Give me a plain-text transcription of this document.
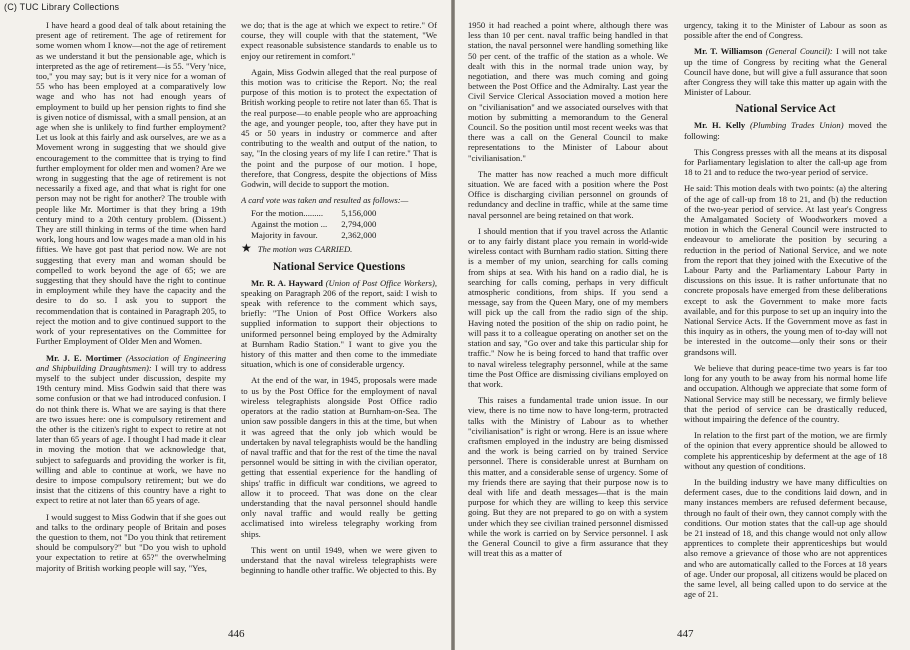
(C) TUC Library Collections

I have heard a good deal of talk about retaining the present age of retirement. The age of retirement for some women whom I know—not the age of retirement as we understand it but the pensionable age, which is interpreted as the age of retirement—is 55. "Very 'nice, too," you may say; but is it very nice for a woman of 55 who has been employed at a comparatively low wage and who has not had enough years of employment to build up her pension rights to find she is given notice of dismissal, with a small pension, at an age when she is unlikely to find further employment? Let us look at this fairly and ask ourselves, are we as a Movement wrong in suggesting that we should give encouragement to the committee that is trying to find further employment for older men and women? Are we wrong in suggesting that the age of retirement is not necessarily a fixed age, and that what is right for one person may not be right for another? The trouble with people like Mr. Mortimer is that they bring a 19th century mind to a 20th century problem. (Dissent.) They are still thinking in terms of the time when hard work, long hours and low wages made a man old in his fifties. We have got past that period now. We are not suggesting that every man and woman should be compelled to work beyond the age of 65; we are suggesting that they should have the right to continue in employment while they have the capacity and the desire to do so. I ask you to support the recommendation that is contained in Paragraph 205, to reject the motion and to give continued support to the work of your representatives on the Committee for Further Employment of Older Men and Women.

Mr. J. E. Mortimer (Association of Engineering and Shipbuilding Draughtsmen): I will try to address myself to the subject under discussion, despite my 19th century mind. Miss Godwin said that there was some confusion or that we had introduced confusion. I do not think there is. What we are saying is that there are two issues here: one is compulsory retirement and the other is the citizen's right to expect to retire at not later than 65 years of age. I thought I had made it clear in moving the motion that we acknowledge that, subject to safeguards and providing the worker is fit, willing and able to continue at work, we have no desire to impose compulsory retirement; but we do insist that the citizens of this country have a right to expect to retire at not later than 65 years of age.

I would suggest to Miss Godwin that if she goes out and talks to the ordinary people of Britain and poses the question to them, not "Do you think that retirement should be compulsory?" but "Do you wish to uphold your expectation to retire at 65?" the overwhelming majority of British working people will say, "Yes,

we do; that is the age at which we expect to retire." Of course, they will couple with that the statement, "We expect reasonable subsistence standards to enable us to enjoy our retirement in comfort."

Again, Miss Godwin alleged that the real purpose of this motion was to criticise the Report. No; the real purpose of this motion is to protect the expectation of British working people to retire not later than 65. That is the real purpose—to enable people who are approaching the age, and younger people, too, after they have put in 45 or 50 years in industry or commerce and after contributing to the wealth and output of the nation, to say, "In the closing years of my life I can retire." That is the point and the purpose of our motion. I hope, therefore, that Congress, despite the objections of Miss Godwin, will decide to support the motion.

A card vote was taken and resulted as follows:—
For the motion.........	5,156,000
Against the motion ...	2,794,000
Majority in favour.	2,362,000
★ The motion was CARRIED.
National Service Questions

Mr. R. A. Hayward (Union of Post Office Workers), speaking on Paragraph 206 of the report, said: I wish to speak with reference to the comment which says, briefly: "The Union of Post Office Workers also supplied information to support their objections to uniformed personnel being employed by the Admiralty at Burnham Radio Station." I want to give you the history of this matter and then come to the immediate situation, which is one of considerable urgency.

At the end of the war, in 1945, proposals were made to us by the Post Office for the employment of naval wireless telegraphists alongside Post Office radio operators at the radio station at Burnham-on-Sea. The union saw possible dangers in this at the time, but when it was agreed that the only job which would be undertaken by naval telegraphists would be the handling of naval traffic and that for the rest of the time the naval personnel would be sitting in with the civilian operator, getting that essential experience for the handling of ships' traffic in difficult war conditions, we agreed to allow it to proceed. That was done on the clear understanding that the naval personnel should handle only naval traffic and would really be getting acclimatised into wireless telegraphy working from ships.

This went on until 1949, when we were given to understand that the naval wireless telegraphists were beginning to handle other traffic. We objected to this. By

446

1950 it had reached a point where, although there was less than 10 per cent. naval traffic being handled in that station, the naval personnel were handling something like 50 per cent. of the traffic of the station as a whole. We dealt with this in the normal trade union way, by negotiation, and there was much coming and going between the Post Office and the Admiralty. Last year the Civil Service Clerical Association moved a motion here on "civilianisation" and we associated ourselves with that motion by submitting a memorandum to the General Council. So the position until most recent weeks was that there was a call on the General Council to make representations to the Minister of Labour about "civilianisation."

The matter has now reached a much more difficult situation. We are faced with a position where the Post Office is discharging civilian personnel on grounds of redundancy and decline in traffic, while at the same time naval personnel are being retained on that work.

I should mention that if you travel across the Atlantic or to any fairly distant place you remain in world-wide wireless contact with Burnham radio station. Sitting there is a member of my union, searching for calls coming from ships at sea. With his hand on a radio dial, he is searching for calls coming, perhaps in very difficult atmospheric conditions, from ships. If you send a message, say from the Queen Mary, one of my members will pick up the call from the radio sign of the ship. Having noted the position of the ship on radio point, he will pass it to a colleague operating on another set on the station and say, "Go over and take this particular ship for traffic." Now he is being forced to hand that traffic over to naval wireless telegraphy personnel, while at the same time the Post Office are dismissing civilians employed on that work.

This raises a fundamental trade union issue. In our view, there is no time now to have long-term, protracted talks with the Ministry of Labour as to whether "civilianisation" is right or wrong. Here is an issue where craftsmen employed in the industry are being dismissed and the work is being carried on by trained Service personnel. There is considerable unrest at Burnham on this matter, and a considerable sense of urgency. Some of my friends there are saying that their purpose now is to deal with life and death messages—that is the main purpose for which they are willing to keep this service going. But they are not prepared to go on with a system under which they see civilian trained personnel dismissed while the work is carried on by Service personnel. I ask the General Council to give a firm assurance that they will treat this as a matter of

urgency, taking it to the Minister of Labour as soon as possible after the end of Congress.

Mr. T. Williamson (General Council): I will not take up the time of Congress by reciting what the General Council have done, but will give a full assurance that soon after Congress they will take this matter up again with the Minister of Labour.

National Service Act

Mr. H. Kelly (Plumbing Trades Union) moved the following:

This Congress presses with all the means at its disposal for Parliamentary legislation to alter the call-up age from 18 to 21 and to reduce the two-year period of service.

He said: This motion deals with two points: (a) the altering of the age of call-up from 18 to 21, and (b) the reduction of the two-year period of service. At last year's Congress the Amalgamated Society of Woodworkers moved a motion in which the General Council were instructed to endeavour to ameliorate the position by securing a reduction in the period of National Service, and we note from the report that they joined with the Executive of the Labour Party and the Parliamentary Labour Party in discussions on this issue. It is rather unfortunate that no concrete proposals have emerged from these deliberations except to ask the Government to make more facts available, and for this purpose to set up an inquiry into the National Service Acts. If the Government move as fast in this inquiry as in others, the young men of to-day will not be interested in the outcome—only their sons or their grandsons will.

We believe that during peace-time two years is far too long for any youth to be away from his normal home life and occupation. Although we appreciate that some form of National Service may still be necessary, we firmly believe that the period of service can be drastically reduced, without impairing the defence of the country.

In relation to the first part of the motion, we are firmly of the opinion that every apprentice should be allowed to complete his apprenticeship by deferment at the age of 18 without any question of conditions.

In the building industry we have many difficulties on deferment cases, due to the conditions laid down, and in many instances members are refused deferment because, through no fault of their own, they cannot comply with the conditions. Our motion states that the call-up age should be 21 instead of 18, and this change would not only allow apprentices to complete their apprenticeships but would also remove a grievance of those who are not apprentices and who are automatically called to the Forces at 18 years of age. Under our proposal, all citizens would be placed on the same level, all being called upon to do service at the age of 21.

447
